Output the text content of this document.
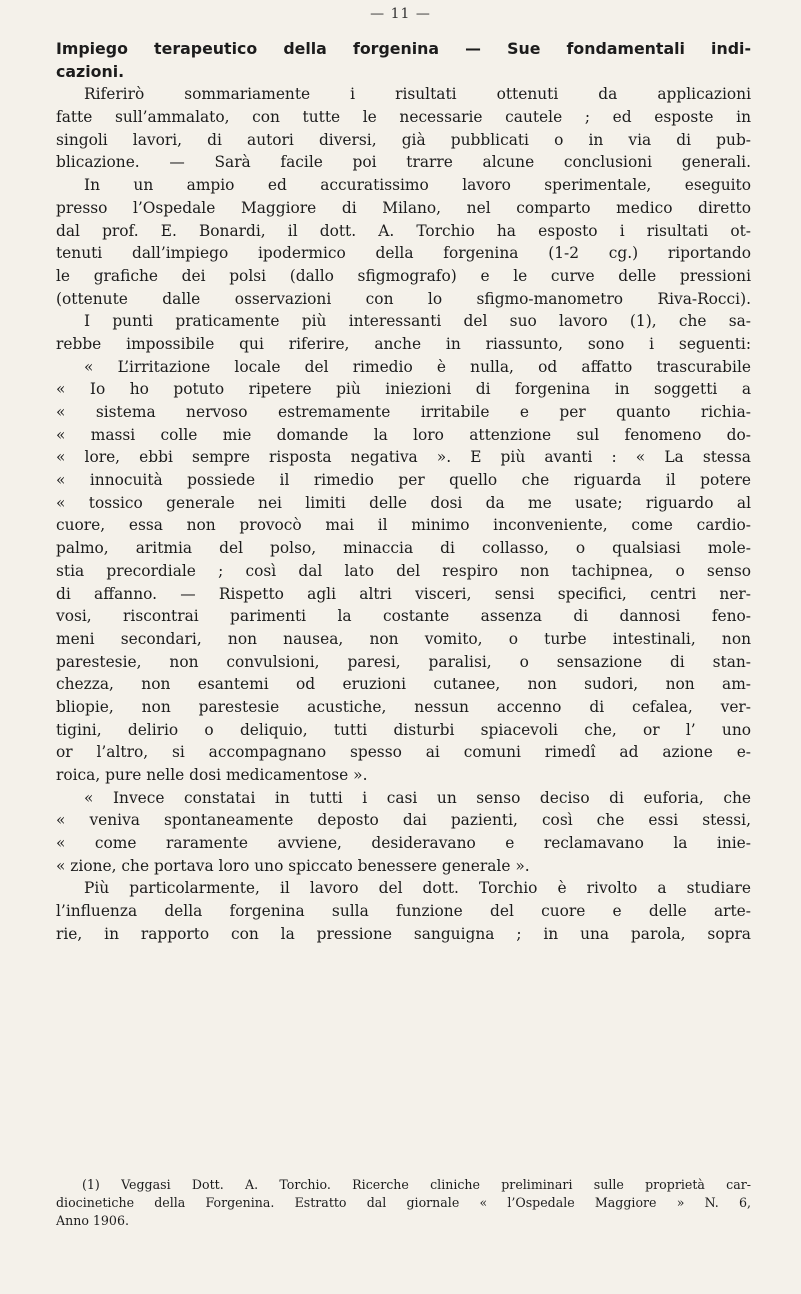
— 11 —
Impiego terapeutico della forgenina — Sue fondamentali indi-
cazioni.
Riferirò sommariamente i risultati ottenuti da applicazioni
fatte sull’ammalato, con tutte le necessarie cautele ; ed esposte in
singoli lavori, di autori diversi, già pubblicati o in via di pub-
blicazione. — Sarà facile poi trarre alcune conclusioni generali.
In un ampio ed accuratissimo lavoro sperimentale, eseguito
presso l’Ospedale Maggiore di Milano, nel comparto medico diretto
dal prof. E. Bonardi, il dott. A. Torchio ha esposto i risultati ot-
tenuti dall’impiego ipodermico della forgenina (1-2 cg.) riportando
le grafiche dei polsi (dallo sfigmografo) e le curve delle pressioni
(ottenute dalle osservazioni con lo sfigmo-manometro Riva-Rocci).
I punti praticamente più interessanti del suo lavoro (1), che sa-
rebbe impossibile qui riferire, anche in riassunto, sono i seguenti:
« L’irritazione locale del rimedio è nulla, od affatto trascurabile
« Io ho potuto ripetere più iniezioni di forgenina in soggetti a
« sistema nervoso estremamente irritabile e per quanto richia-
« massi colle mie domande la loro attenzione sul fenomeno do-
« lore, ebbi sempre risposta negativa ». E più avanti : « La stessa
« innocuità possiede il rimedio per quello che riguarda il potere
« tossico generale nei limiti delle dosi da me usate; riguardo al
cuore, essa non provocò mai il minimo inconveniente, come cardio-
palmo, aritmia del polso, minaccia di collasso, o qualsiasi mole-
stia precordiale ; così dal lato del respiro non tachipnea, o senso
di affanno. — Rispetto agli altri visceri, sensi specifici, centri ner-
vosi, riscontrai parimenti la costante assenza di dannosi feno-
meni secondari, non nausea, non vomito, o turbe intestinali, non
parestesie, non convulsioni, paresi, paralisi, o sensazione di stan-
chezza, non esantemi od eruzioni cutanee, non sudori, non am-
bliopie, non parestesie acustiche, nessun accenno di cefalea, ver-
tigini, delirio o deliquio, tutti disturbi spiacevoli che, or l’ uno
or l’altro, si accompagnano spesso ai comuni rimedî ad azione e-
roica, pure nelle dosi medicamentose ».
« Invece constatai in tutti i casi un senso deciso di euforia, che
« veniva spontaneamente deposto dai pazienti, così che essi stessi,
« come raramente avviene, desideravano e reclamavano la inie-
« zione, che portava loro uno spiccato benessere generale ».
Più particolarmente, il lavoro del dott. Torchio è rivolto a studiare
l’influenza della forgenina sulla funzione del cuore e delle arte-
rie, in rapporto con la pressione sanguigna ; in una parola, sopra
(1) Veggasi Dott. A. Torchio. Ricerche cliniche preliminari sulle proprietà car-
diocinetiche della Forgenina. Estratto dal giornale « l’Ospedale Maggiore » N. 6,
Anno 1906.
